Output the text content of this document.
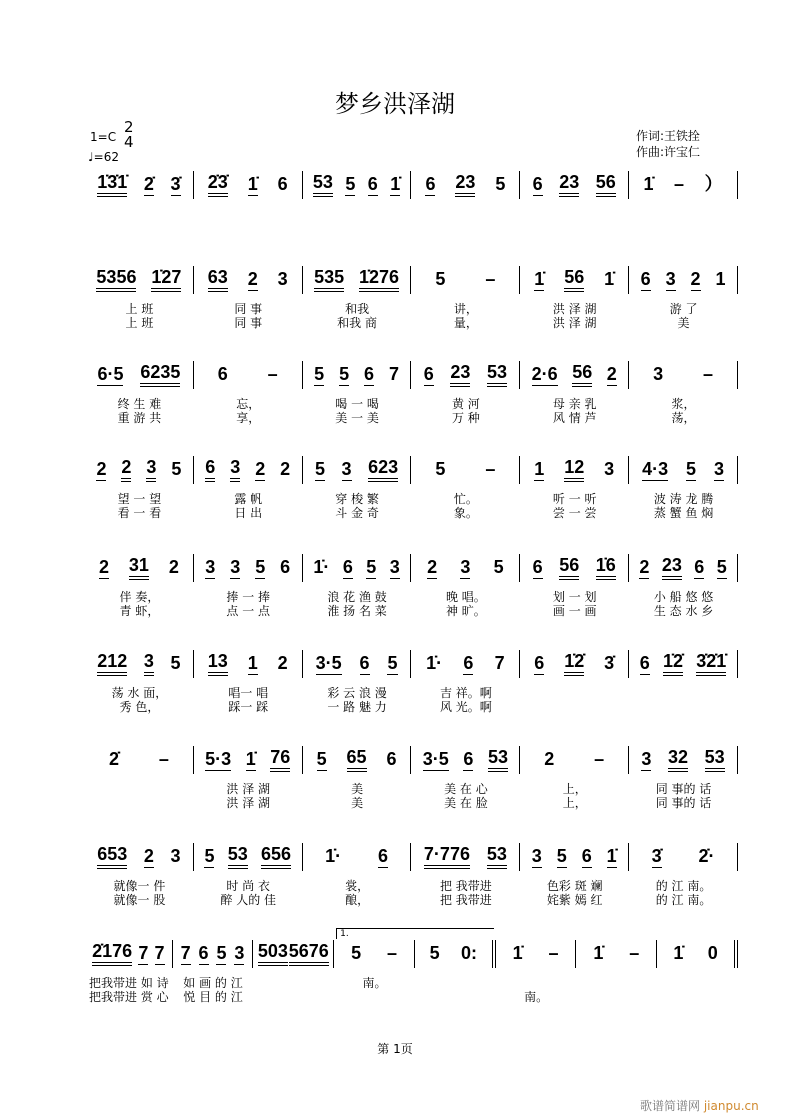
梦乡洪泽湖
1=C
2
4
♩=62
作词:王铁拴
作曲:许宝仁
1̇3̇1̇ 2̇ 3̇ 2̇3̇ 1̇ 6 53 5 6 1̇ 6 23 5 6 23 56 1̇ – ）
5356 1̇27
上 班
上 班
63 2 3
同 事
同 事
535 1̇276
和我
和我 商
5 –
讲，
量，
1̇ 56 1̇
洪 泽 湖
洪 泽 湖
6 3 2 1
游 了
美
6·5 6235
终 生 难
重 游 共
6 –
忘，
享，
5 5 6 7
喝 一 喝
美 一 美
6 23 53
黄 河
万 种
2·6 56 2
母 亲 乳
风 情 芦
3 –
浆，
荡，
2 2 3 5
望 一 望
看 一 看
6 3 2 2
露 帆
日 出
5 3 623
穿 梭 繁
斗 金 奇
5 –
忙。
象。
1 12 3
听 一 听
尝 一 尝
4·3 5 3
波 涛 龙 腾
蒸 蟹 鱼 焖
2 31 2
伴 奏，
青 虾，
3 3 5 6
捧 一 捧
点 一 点
1̇· 6 5 3
浪 花 渔 鼓
淮 扬 名 菜
2 3 5
晚 唱。
神 旷。
6 56 1̇6
划 一 划
画 一 画
2 23 6 5
小 船 悠 悠
生 态 水 乡
212 3 5
荡 水 面，
秀 色，
13 1 2
唱一 唱
踩一 踩
3·5 6 5
彩 云 浪 漫
一 路 魅 力
1̇· 6 7
吉 祥。啊
风 光。啊
6 1̇2̇ 3̇ 6 1̇2̇ 3̇2̇1̇
2̇ – 5·3 1̇ 76
洪 泽 湖
洪 泽 湖
5 65 6
美
美
3·5 6 53
美 在 心
美 在 脸
2 –
上，
上，
3 32 53
同 事的 话
同 事的 话
653 2 3
就像一 件
就像一 股
5 53 656
时 尚 衣
醉 人的 佳
1̇· 6
裳，
酿，
7·776 53
把 我带进
把 我带进
3 5 6 1̇
色彩 斑 斓
姹紫 嫣 红
3̇ 2̇·
的 江 南。
的 江 南。
2̇176 7 7
把我带进 如 诗
把我带进 赏 心
7 6 5 3
如 画 的 江
悦 目 的 江
503 5676
1.
5 –
南。
5 0: 1̇ –
南。
1̇ – 1̇ 0
第 1页
歌谱简谱网 jianpu.cn
